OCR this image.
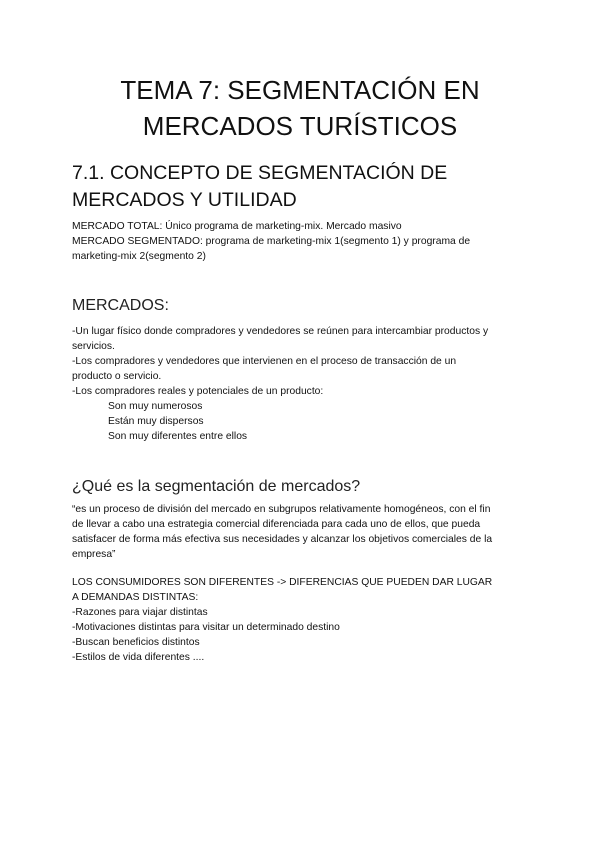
TEMA 7: SEGMENTACIÓN EN
MERCADOS TURÍSTICOS
7.1. CONCEPTO DE SEGMENTACIÓN DE
MERCADOS Y UTILIDAD
MERCADO TOTAL: Único programa de marketing-mix. Mercado masivo
MERCADO SEGMENTADO: programa de marketing-mix 1(segmento 1) y programa de
marketing-mix 2(segmento 2)
MERCADOS:
-Un lugar físico donde compradores y vendedores se reúnen para intercambiar productos y
servicios.
-Los compradores y vendedores que intervienen en el proceso de transacción de un
producto o servicio.
-Los compradores reales y potenciales de un producto:
Son muy numerosos
Están muy dispersos
Son muy diferentes entre ellos
¿Qué es la segmentación de mercados?
“es un proceso de división del mercado en subgrupos relativamente homogéneos, con el fin
de llevar a cabo una estrategia comercial diferenciada para cada uno de ellos, que pueda
satisfacer de forma más efectiva sus necesidades y alcanzar los objetivos comerciales de la
empresa”
LOS CONSUMIDORES SON DIFERENTES -> DIFERENCIAS QUE PUEDEN DAR LUGAR
A DEMANDAS DISTINTAS:
-Razones para viajar distintas
-Motivaciones distintas para visitar un determinado destino
-Buscan beneficios distintos
-Estilos de vida diferentes ....
